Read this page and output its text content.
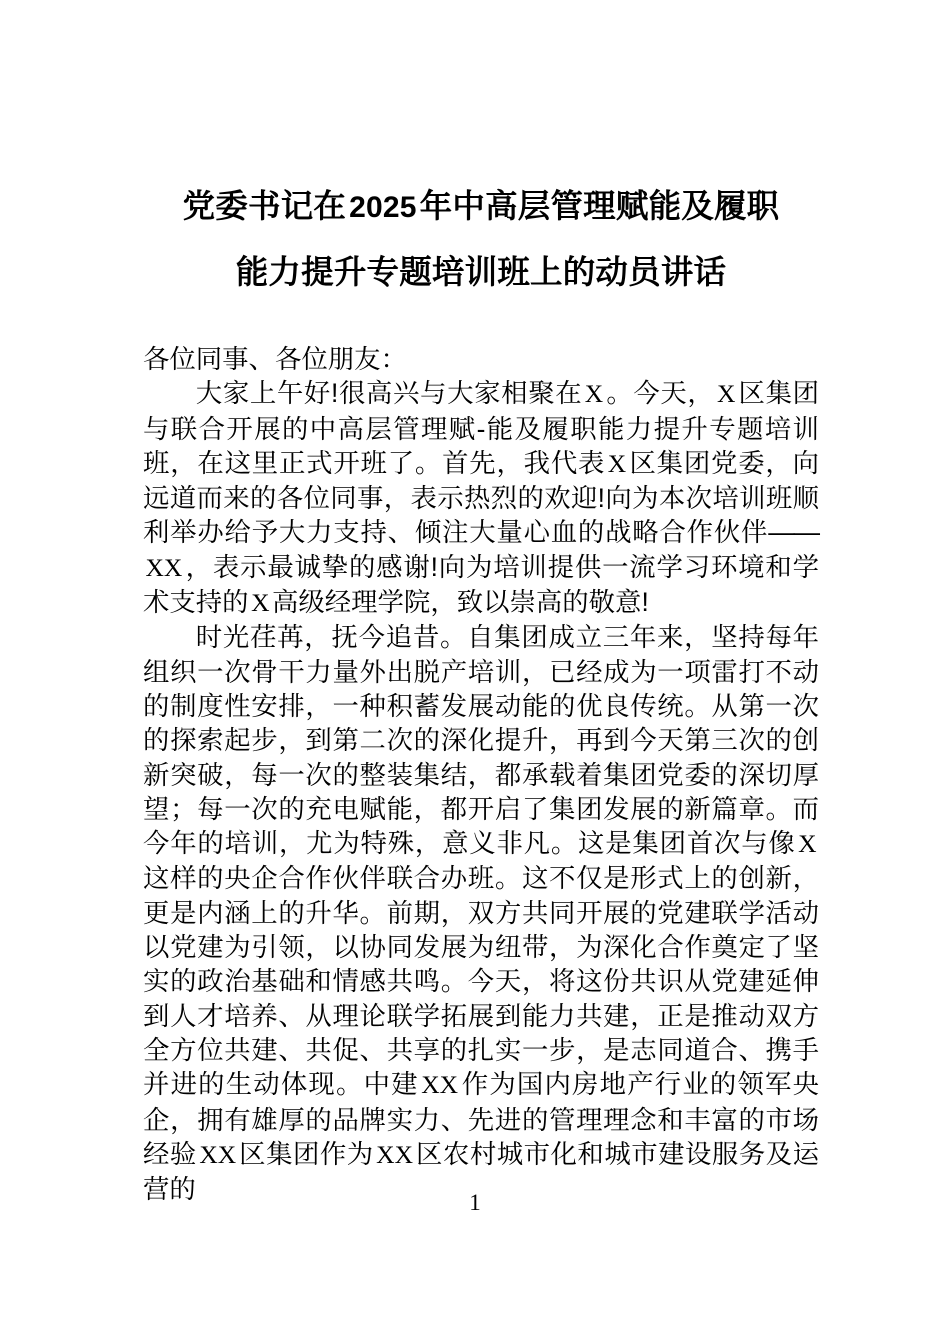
党委书记在 2025年中高层管理赋能及履职
能力提升专题培训班上的动员讲话

各位同事、各位朋友：

大家上午好!很高兴与大家相聚在X。今天，X区集团与联合开展的中高层管理赋-能及履职能力提升专题培训班，在这里正式开班了。首先，我代表X区集团党委，向远道而来的各位同事，表示热烈的欢迎!向为本次培训班顺利举办给予大力支持、倾注大量心血的战略合作伙伴——XX，表示最诚挚的感谢!向为培训提供一流学习环境和学术支持的X高级经理学院，致以崇高的敬意!

时光荏苒，抚今追昔。自集团成立三年来，坚持每年组织一次骨干力量外出脱产培训，已经成为一项雷打不动的制度性安排，一种积蓄发展动能的优良传统。从第一次的探索起步，到第二次的深化提升，再到今天第三次的创新突破，每一次的整装集结，都承载着集团党委的深切厚望；每一次的充电赋能，都开启了集团发展的新篇章。而今年的培训，尤为特殊，意义非凡。这是集团首次与像X这样的央企合作伙伴联合办班。这不仅是形式上的创新，更是内涵上的升华。前期，双方共同开展的党建联学活动以党建为引领，以协同发展为纽带，为深化合作奠定了坚实的政治基础和情感共鸣。今天，将这份共识从党建延伸到人才培养、从理论联学拓展到能力共建，正是推动双方全方位共建、共促、共享的扎实一步，是志同道合、携手并进的生动体现。中建XX作为国内房地产行业的领军央企，拥有雄厚的品牌实力、先进的管理理念和丰富的市场经验XX区集团作为XX区农村城市化和城市建设服务及运营的	1
